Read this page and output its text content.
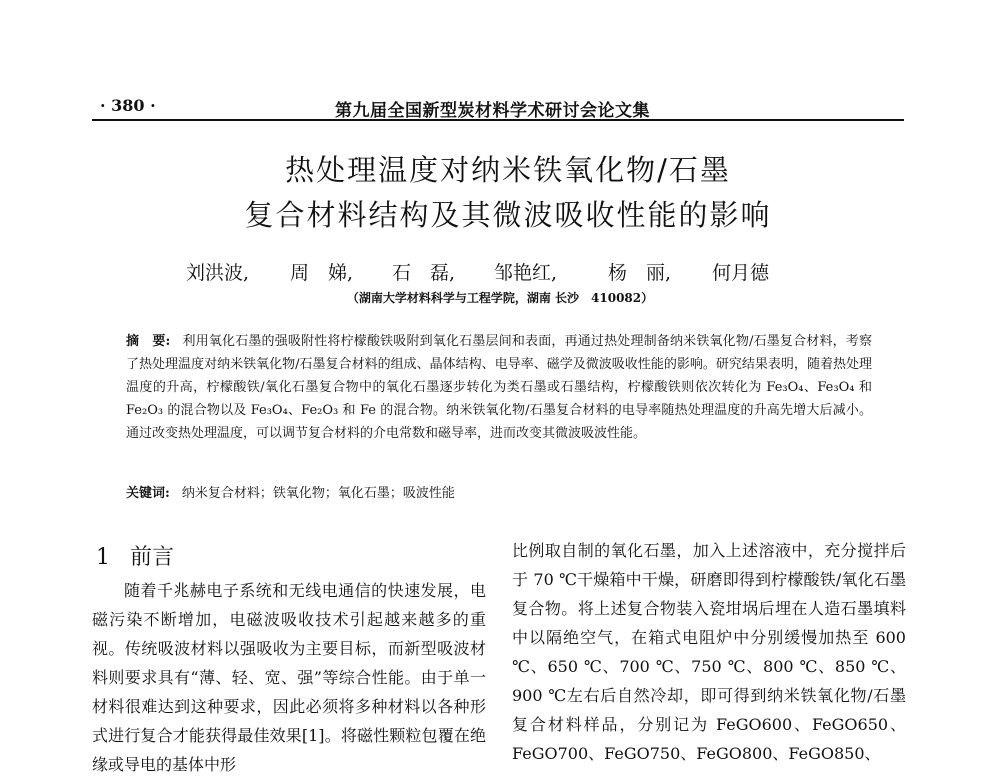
· 380 ·	第九届全国新型炭材料学术研讨会论文集
热处理温度对纳米铁氧化物/石墨
复合材料结构及其微波吸收性能的影响
刘洪波, 周　娣, 石　磊, 邹艳红,	杨　丽, 何月德
（湖南大学材料科学与工程学院，湖南 长沙　410082）
摘　要: 利用氧化石墨的强吸附性将柠檬酸铁吸附到氧化石墨层间和表面，再通过热处理制备纳米铁氧化物/石墨复合材料，考察了热处理温度对纳米铁氧化物/石墨复合材料的组成、晶体结构、电导率、磁学及微波吸收性能的影响。研究结果表明，随着热处理温度的升高，柠檬酸铁/氧化石墨复合物中的氧化石墨逐步转化为类石墨或石墨结构，柠檬酸铁则依次转化为 Fe₃O₄、Fe₃O₄ 和 Fe₂O₃ 的混合物以及 Fe₃O₄、Fe₂O₃ 和 Fe 的混合物。纳米铁氧化物/石墨复合材料的电导率随热处理温度的升高先增大后减小。通过改变热处理温度，可以调节复合材料的介电常数和磁导率，进而改变其微波吸波性能。
关键词: 纳米复合材料；铁氧化物；氧化石墨；吸波性能
1 前言
随着千兆赫电子系统和无线电通信的快速发展，电磁污染不断增加，电磁波吸收技术引起越来越多的重视。传统吸波材料以强吸收为主要目标，而新型吸波材料则要求具有“薄、轻、宽、强”等综合性能。由于单一材料很难达到这种要求，因此必须将多种材料以各种形式进行复合才能获得最佳效果[1]。将磁性颗粒包覆在绝缘或导电的基体中形
比例取自制的氧化石墨，加入上述溶液中，充分搅拌后于 70 ℃干燥箱中干燥，研磨即得到柠檬酸铁/氧化石墨复合物。将上述复合物装入瓷坩埚后埋在人造石墨填料中以隔绝空气，在箱式电阻炉中分别缓慢加热至 600 ℃、650 ℃、700 ℃、750 ℃、800 ℃、850 ℃、900 ℃左右后自然冷却，即可得到纳米铁氧化物/石墨复合材料样品，分别记为 FeGO600、FeGO650、FeGO700、FeGO750、FeGO800、FeGO850、
